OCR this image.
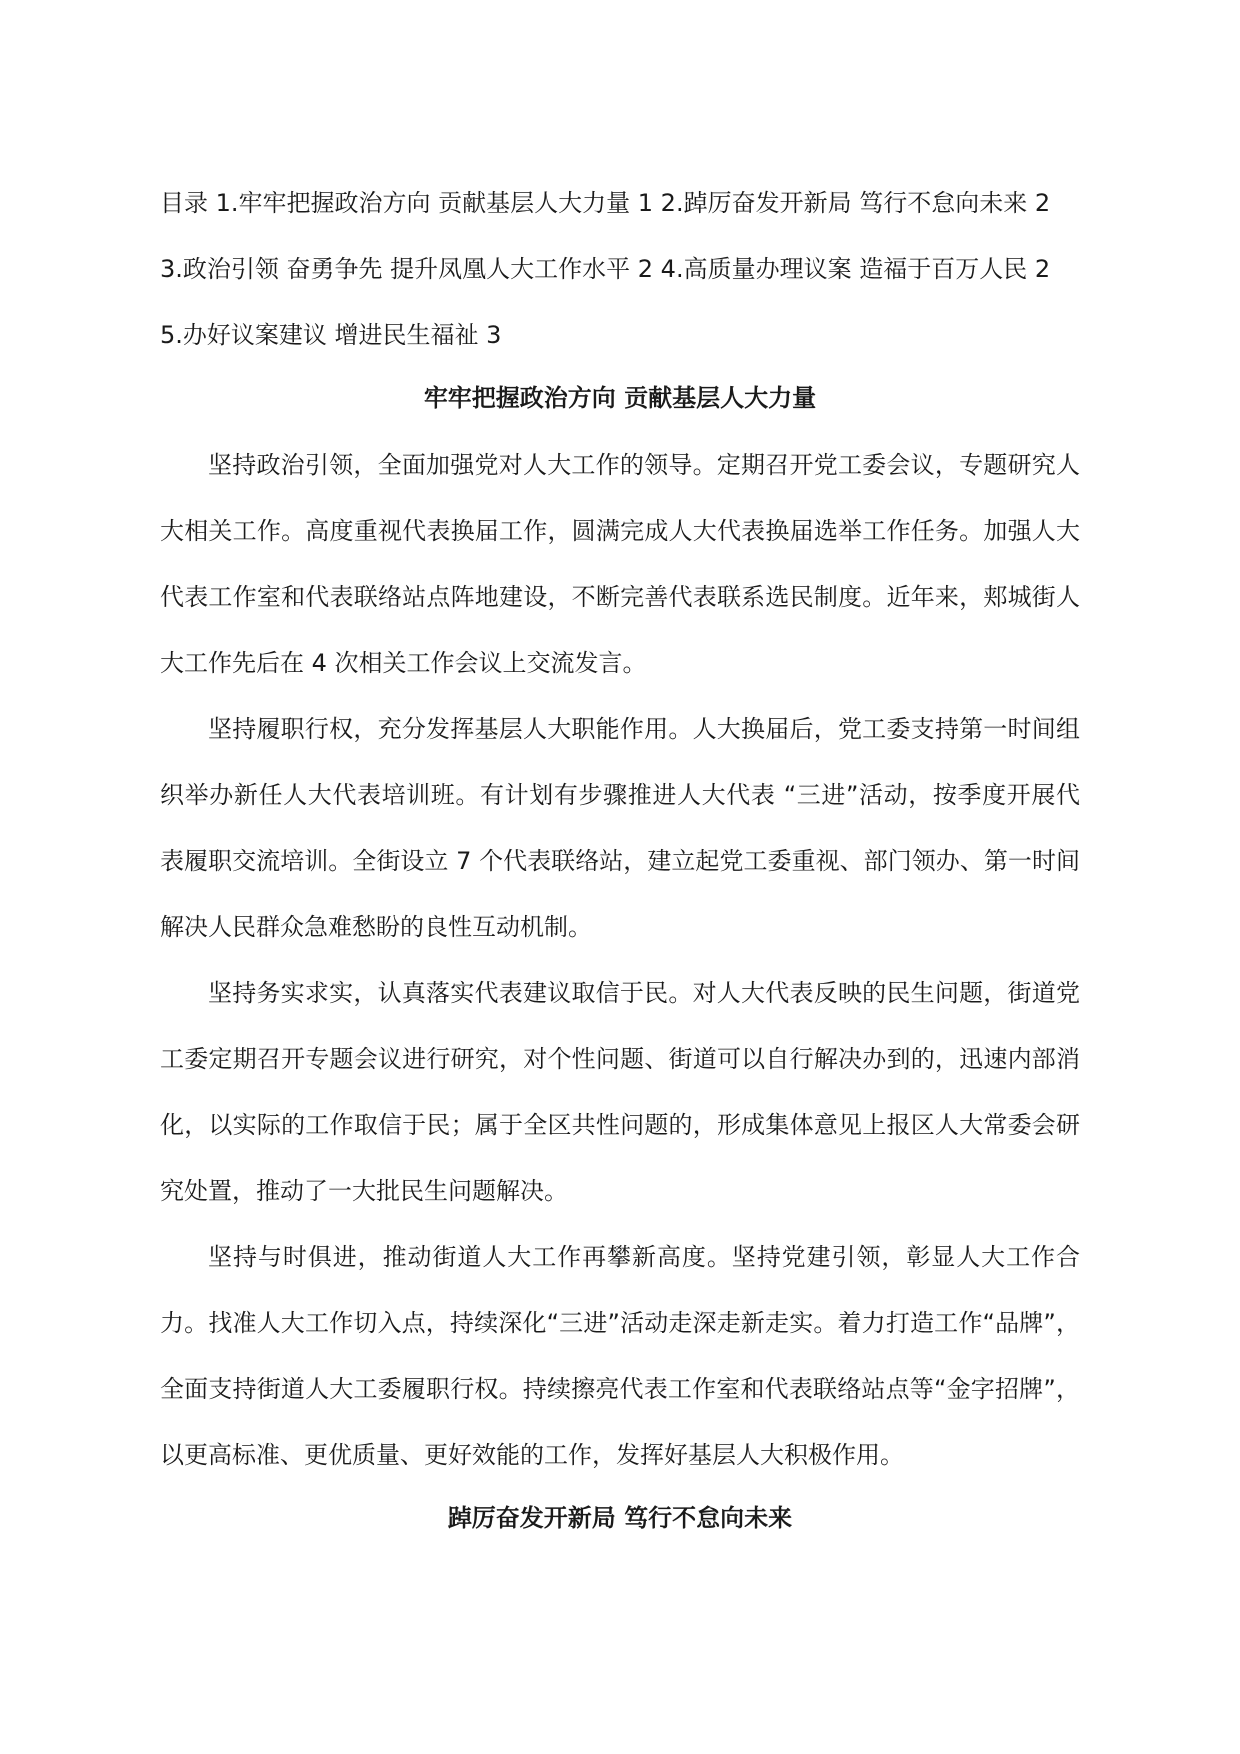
目录 1.牢牢把握政治方向 贡献基层人大力量 1 2.踔厉奋发开新局 笃行不怠向未来 2
3.政治引领 奋勇争先 提升凤凰人大工作水平 2 4.高质量办理议案 造福于百万人民 2
5.办好议案建议 增进民生福祉 3
牢牢把握政治方向 贡献基层人大力量

坚持政治引领，全面加强党对人大工作的领导。定期召开党工委会议，专题研究人大相关工作。高度重视代表换届工作，圆满完成人大代表换届选举工作任务。加强人大代表工作室和代表联络站点阵地建设，不断完善代表联系选民制度。近年来，郏城街人大工作先后在 4 次相关工作会议上交流发言。

坚持履职行权，充分发挥基层人大职能作用。人大换届后，党工委支持第一时间组织举办新任人大代表培训班。有计划有步骤推进人大代表 “三进”活动，按季度开展代表履职交流培训。全街设立 7 个代表联络站，建立起党工委重视、部门领办、第一时间解决人民群众急难愁盼的良性互动机制。

坚持务实求实，认真落实代表建议取信于民。对人大代表反映的民生问题，街道党工委定期召开专题会议进行研究，对个性问题、街道可以自行解决办到的，迅速内部消化，以实际的工作取信于民；属于全区共性问题的，形成集体意见上报区人大常委会研究处置，推动了一大批民生问题解决。

坚持与时俱进，推动街道人大工作再攀新高度。坚持党建引领，彰显人大工作合力。找准人大工作切入点，持续深化“三进”活动走深走新走实。着力打造工作“品牌”，全面支持街道人大工委履职行权。持续擦亮代表工作室和代表联络站点等“金字招牌”，以更高标准、更优质量、更好效能的工作，发挥好基层人大积极作用。

踔厉奋发开新局 笃行不怠向未来
